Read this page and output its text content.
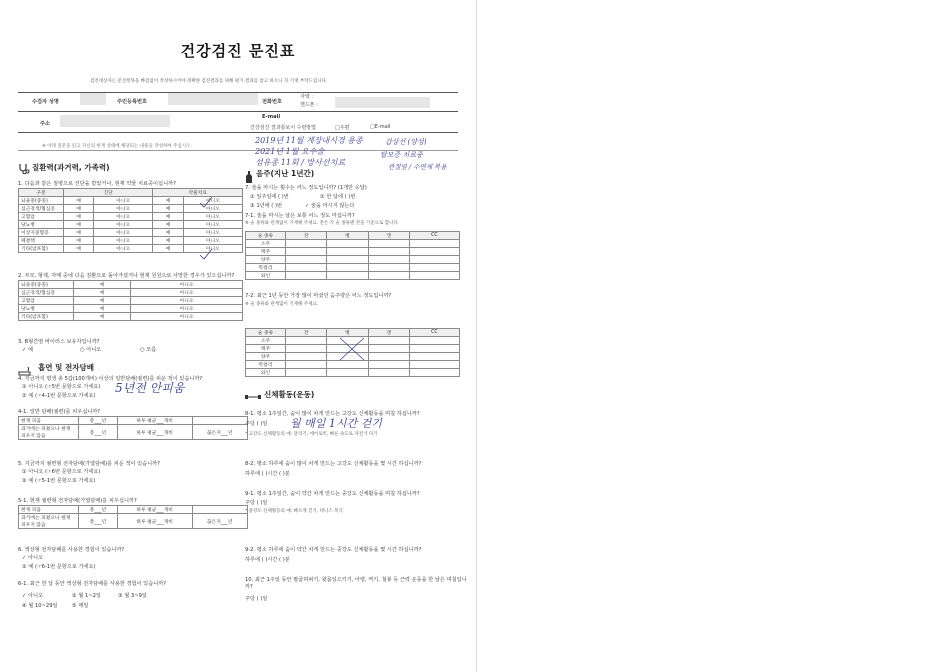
건강검진 문진표
검진대상자는 문진항목을 빠짐없이 작성하시어야 정확한 검진결과를 위해 평가 결과를 참고 하오니 꼭 기재 부탁드립니다.
수검자 성명	주민등록번호	전화번호
자택 :
핸드폰 :
주소
E-mail
건강검진 결과통보서 수령방법	□우편	□E-mail
※ 아래 질문을 읽고 자신의 현재 상태에 해당되는 내용을 작성하여 주십시오.
질환력(과거력, 가족력)
1. 다음과 같은 질병으로 진단을 받았거나, 현재 약물 치료중이십니까?
구분	진단		약물치료	
뇌졸중(중풍)	예	아니오	예	아니오
심근경색/협심증	예	아니오	예	아니오
고혈압	예	아니오	예	아니오
당뇨병	예	아니오	예	아니오
이상지질혈증	예	아니오	예	아니오
폐결핵	예	아니오	예	아니오
기타(암포함)	예	아니오	예	아니오
2. 부모, 형제, 자매 중에 다음 질환으로 돌아가셨거나 현재 원원으로 사망한 경우가 있으십니까?
뇌졸중(중풍)	예	아니오
심근경색/협심증	예	아니오
고혈압	예	아니오
당뇨병	예	아니오
기타(암포함)	예	아니오
3. B형간염 바이러스 보유자입니까?
✓ 예	○ 아니오	○ 모름
흡연 및 전자담배
4. 지금까지 평생 총 5갑(100개비) 이상의 일반담배(궐련)를 피운 적이 있습니까?
① 아니오 (☞5번 문항으로 가세요)
② 예 (☞4-1번 문항으로 가세요)
5년전 안피움
4-1. 일반 담배(궐련)를 피우십니까?
현재 피움	총___년	하루 평균___개비	
과거에는 피웠으나 현재 피우지 않음	총___년	하루 평균___개비	끊은지___년
5. 지금까지 궐련형 전자담배(가열담배)를 피운 적이 있습니까?
① 아니오 (☞6번 문항으로 가세요)
② 예 (☞5-1번 문항으로 가세요)
5-1. 현재 궐련형 전자담배(가열담배)를 피우십니까?
현재 피움	총___년	하루 평균___개비	
과거에는 피웠으나 현재 피우지 않음	총___년	하루 평균___개비	끊은지___년
6. 액상형 전자담배를 사용한 경험이 있습니까?
✓ 아니오
② 예 (☞6-1번 문항으로 가세요)
6-1. 최근 한 달 동안 액상형 전자담배를 사용한 경험이 있습니까?
✓ 아니오	② 월 1~2일	③ 월 3~9일
④ 월 10~29일	⑤ 매일
2019년 11월 계장내시경 용종
2021년 1월 요수술
섬유종 11회 / 방사선치료
탈모증 치료중
갑상선 (양성)
관절염 / 수면제 복용
음주(지난 1년간)
7. 술을 마시는 횟수는 어느 정도입니까? (1개만 응답)
① 일주일에 ( )번	② 한 달에 ( )번
③ 1년에 ( )번	✓ 술을 마시지 않는다
7-1. 술을 마시는 날은 보통 어느 정도 마십니까?
※ 술 종류와 관계없이 기재해 주세요. 잔은 각 술 종류별 잔을 기준으로 합니다.
술 종류	잔	병	캔	CC
소주				
맥주				
양주				
막걸리				
와인				
7-2. 최근 1년 동안 가장 많이 마셨던 음주량은 어느 정도입니까?
※ 술 종류와 관계없이 기재해 주세요.
술 종류	잔	병	캔	CC
소주				
맥주				
양주				
막걸리				
와인				
신체활동(운동)
8-1. 평소 1주일간, 숨이 많이 차게 만드는 고강도 신체활동을 며칠 하십니까?
주당 ( )일 월 매일 1시간 걷기
* 고강도 신체활동의 예: 달리기, 에어로빅, 빠른 속도로 자전거 타기
8-2. 평소 하루에 숨이 많이 차게 만드는 고강도 신체활동을 몇 시간 하십니까?
하루에 ( )시간 ( )분
9-1. 평소 1주일간, 숨이 약간 차게 만드는 중강도 신체활동을 며칠 하십니까?
주당 ( )일
* 중강도 신체활동의 예: 빠르게 걷기, 테니스 복식
9-2. 평소 하루에 숨이 약간 차게 만드는 중강도 신체활동을 몇 시간 하십니까?
하루에 ( )시간 ( )분
10. 최근 1주일 동안 팔굽혀펴기, 윗몸일으키기, 아령, 역기, 철봉 등 근력 운동을 한 날은 며칠입니까?
주당 ( )일
